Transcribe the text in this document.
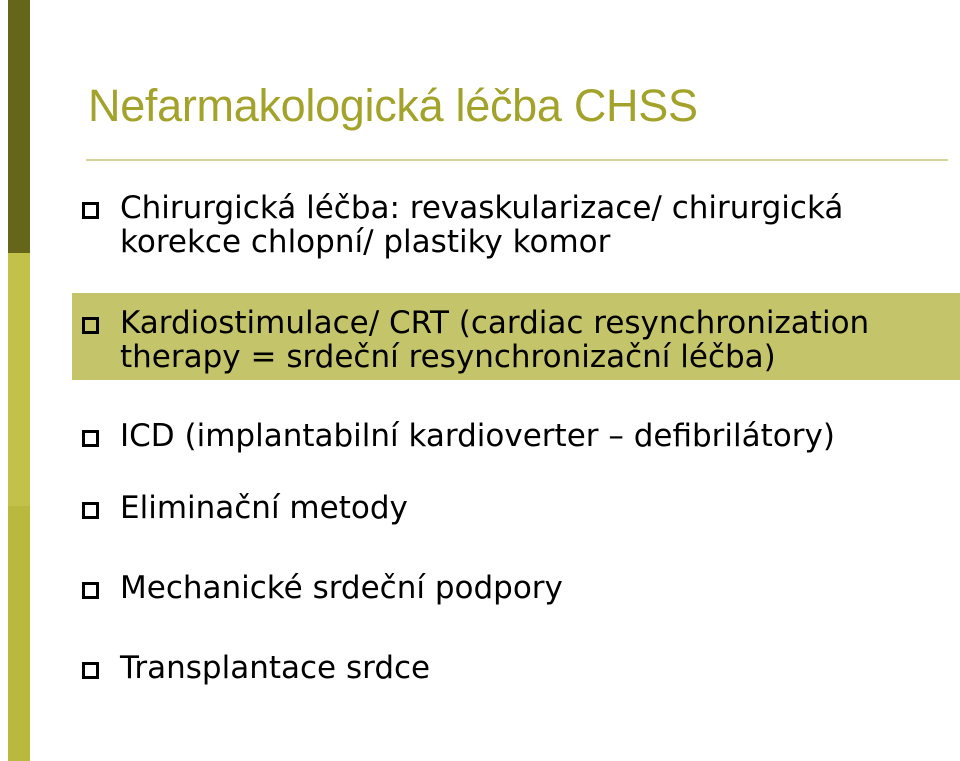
Nefarmakologická léčba CHSS
Chirurgická léčba: revaskularizace/ chirurgická
korekce chlopní/ plastiky komor
Kardiostimulace/ CRT (cardiac resynchronization
therapy = srdeční resynchronizační léčba)
ICD (implantabilní kardioverter – defibrilátory)
Eliminační metody
Mechanické srdeční podpory
Transplantace srdce
